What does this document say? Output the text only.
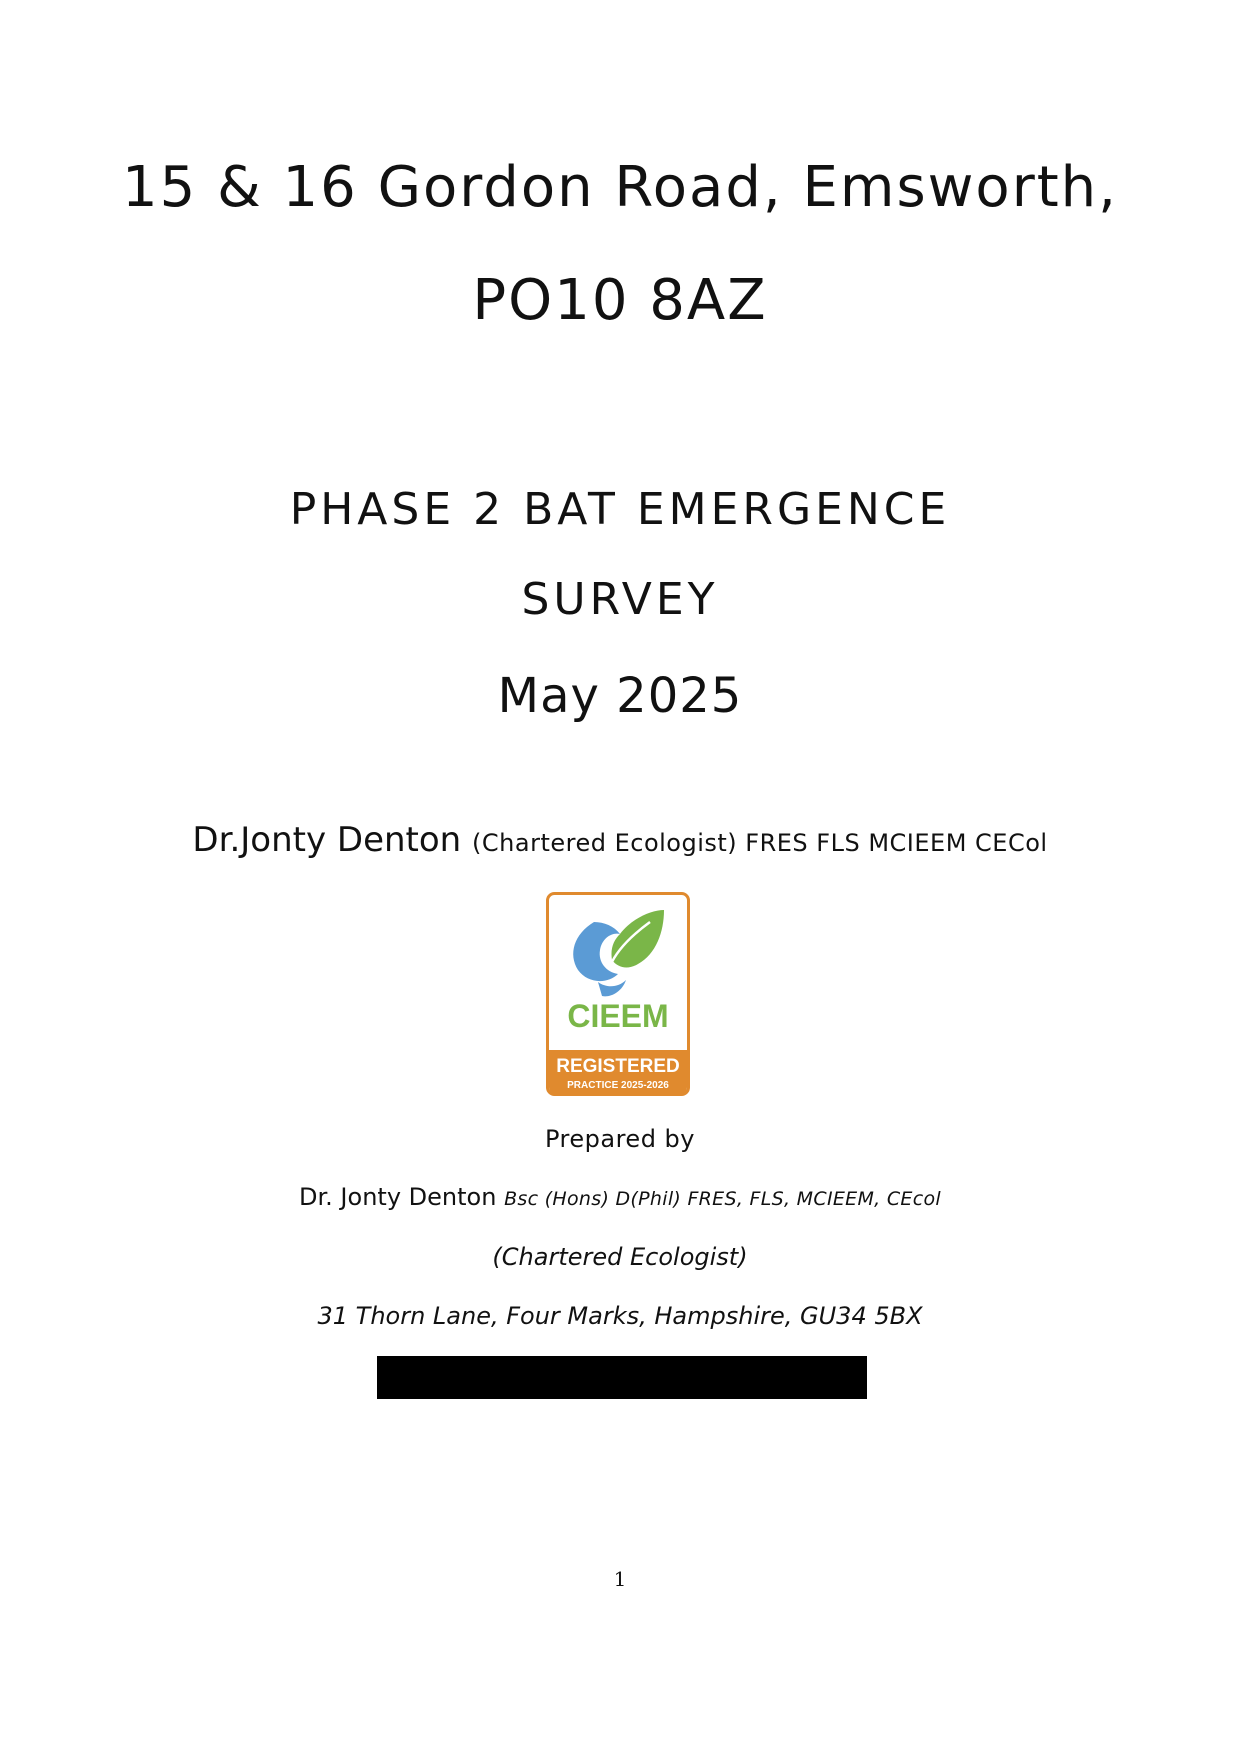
15 & 16 Gordon Road, Emsworth,
PO10 8AZ
PHASE 2 BAT EMERGENCE
SURVEY
May 2025
Dr.Jonty Denton (Chartered Ecologist) FRES FLS MCIEEM CECol
CIEEM
REGISTERED
PRACTICE 2025-2026
Prepared by
Dr. Jonty Denton Bsc (Hons) D(Phil) FRES, FLS, MCIEEM, CEcol
(Chartered Ecologist)
31 Thorn Lane, Four Marks, Hampshire, GU34 5BX
1
